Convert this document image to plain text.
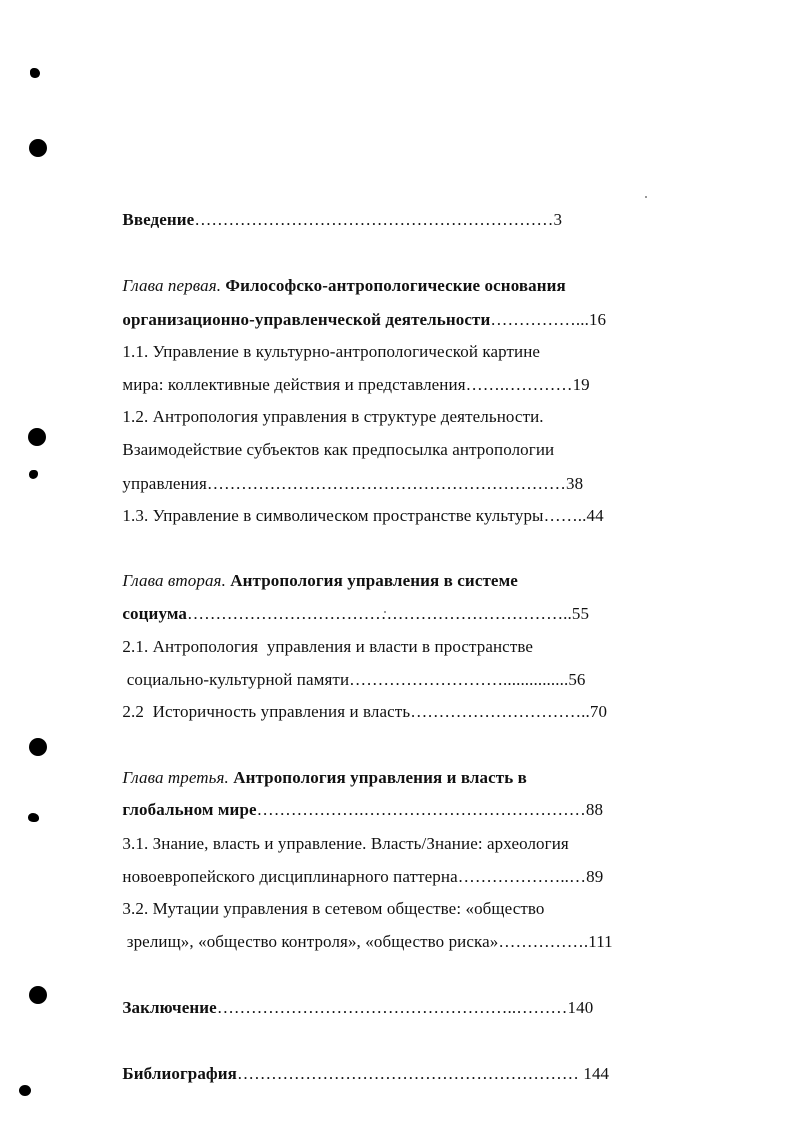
Введение………………………………………………………3

Глава первая. Философско-антропологические основания

организационно-управленческой деятельности……………...16

1.1. Управление в культурно-антропологической картине

мира: коллективные действия и представления…….…………19

1.2. Антропология управления в структуре деятельности.

Взаимодействие субъектов как предпосылка антропологии

управления………………………………………………………38

1.3. Управление в символическом пространстве культуры……..44

Глава вторая. Антропология управления в системе

социума…………………………………………………………..55

2.1. Антропология  управления и власти в пространстве

социально-культурной памяти………………………...............56

2.2  Историчность управления и власть…………………………..70

Глава третья. Антропология управления и власть в

глобальном мире……………….…………………………………88

3.1. Знание, власть и управление. Власть/Знание: археология

новоевропейского дисциплинарного паттерна………………..…89

3.2. Мутации управления в сетевом обществе: «общество

зрелищ», «общество контроля», «общество риска»…………….111

Заключение……………………………………………..………140

Библиография…………………………………………………… 144
